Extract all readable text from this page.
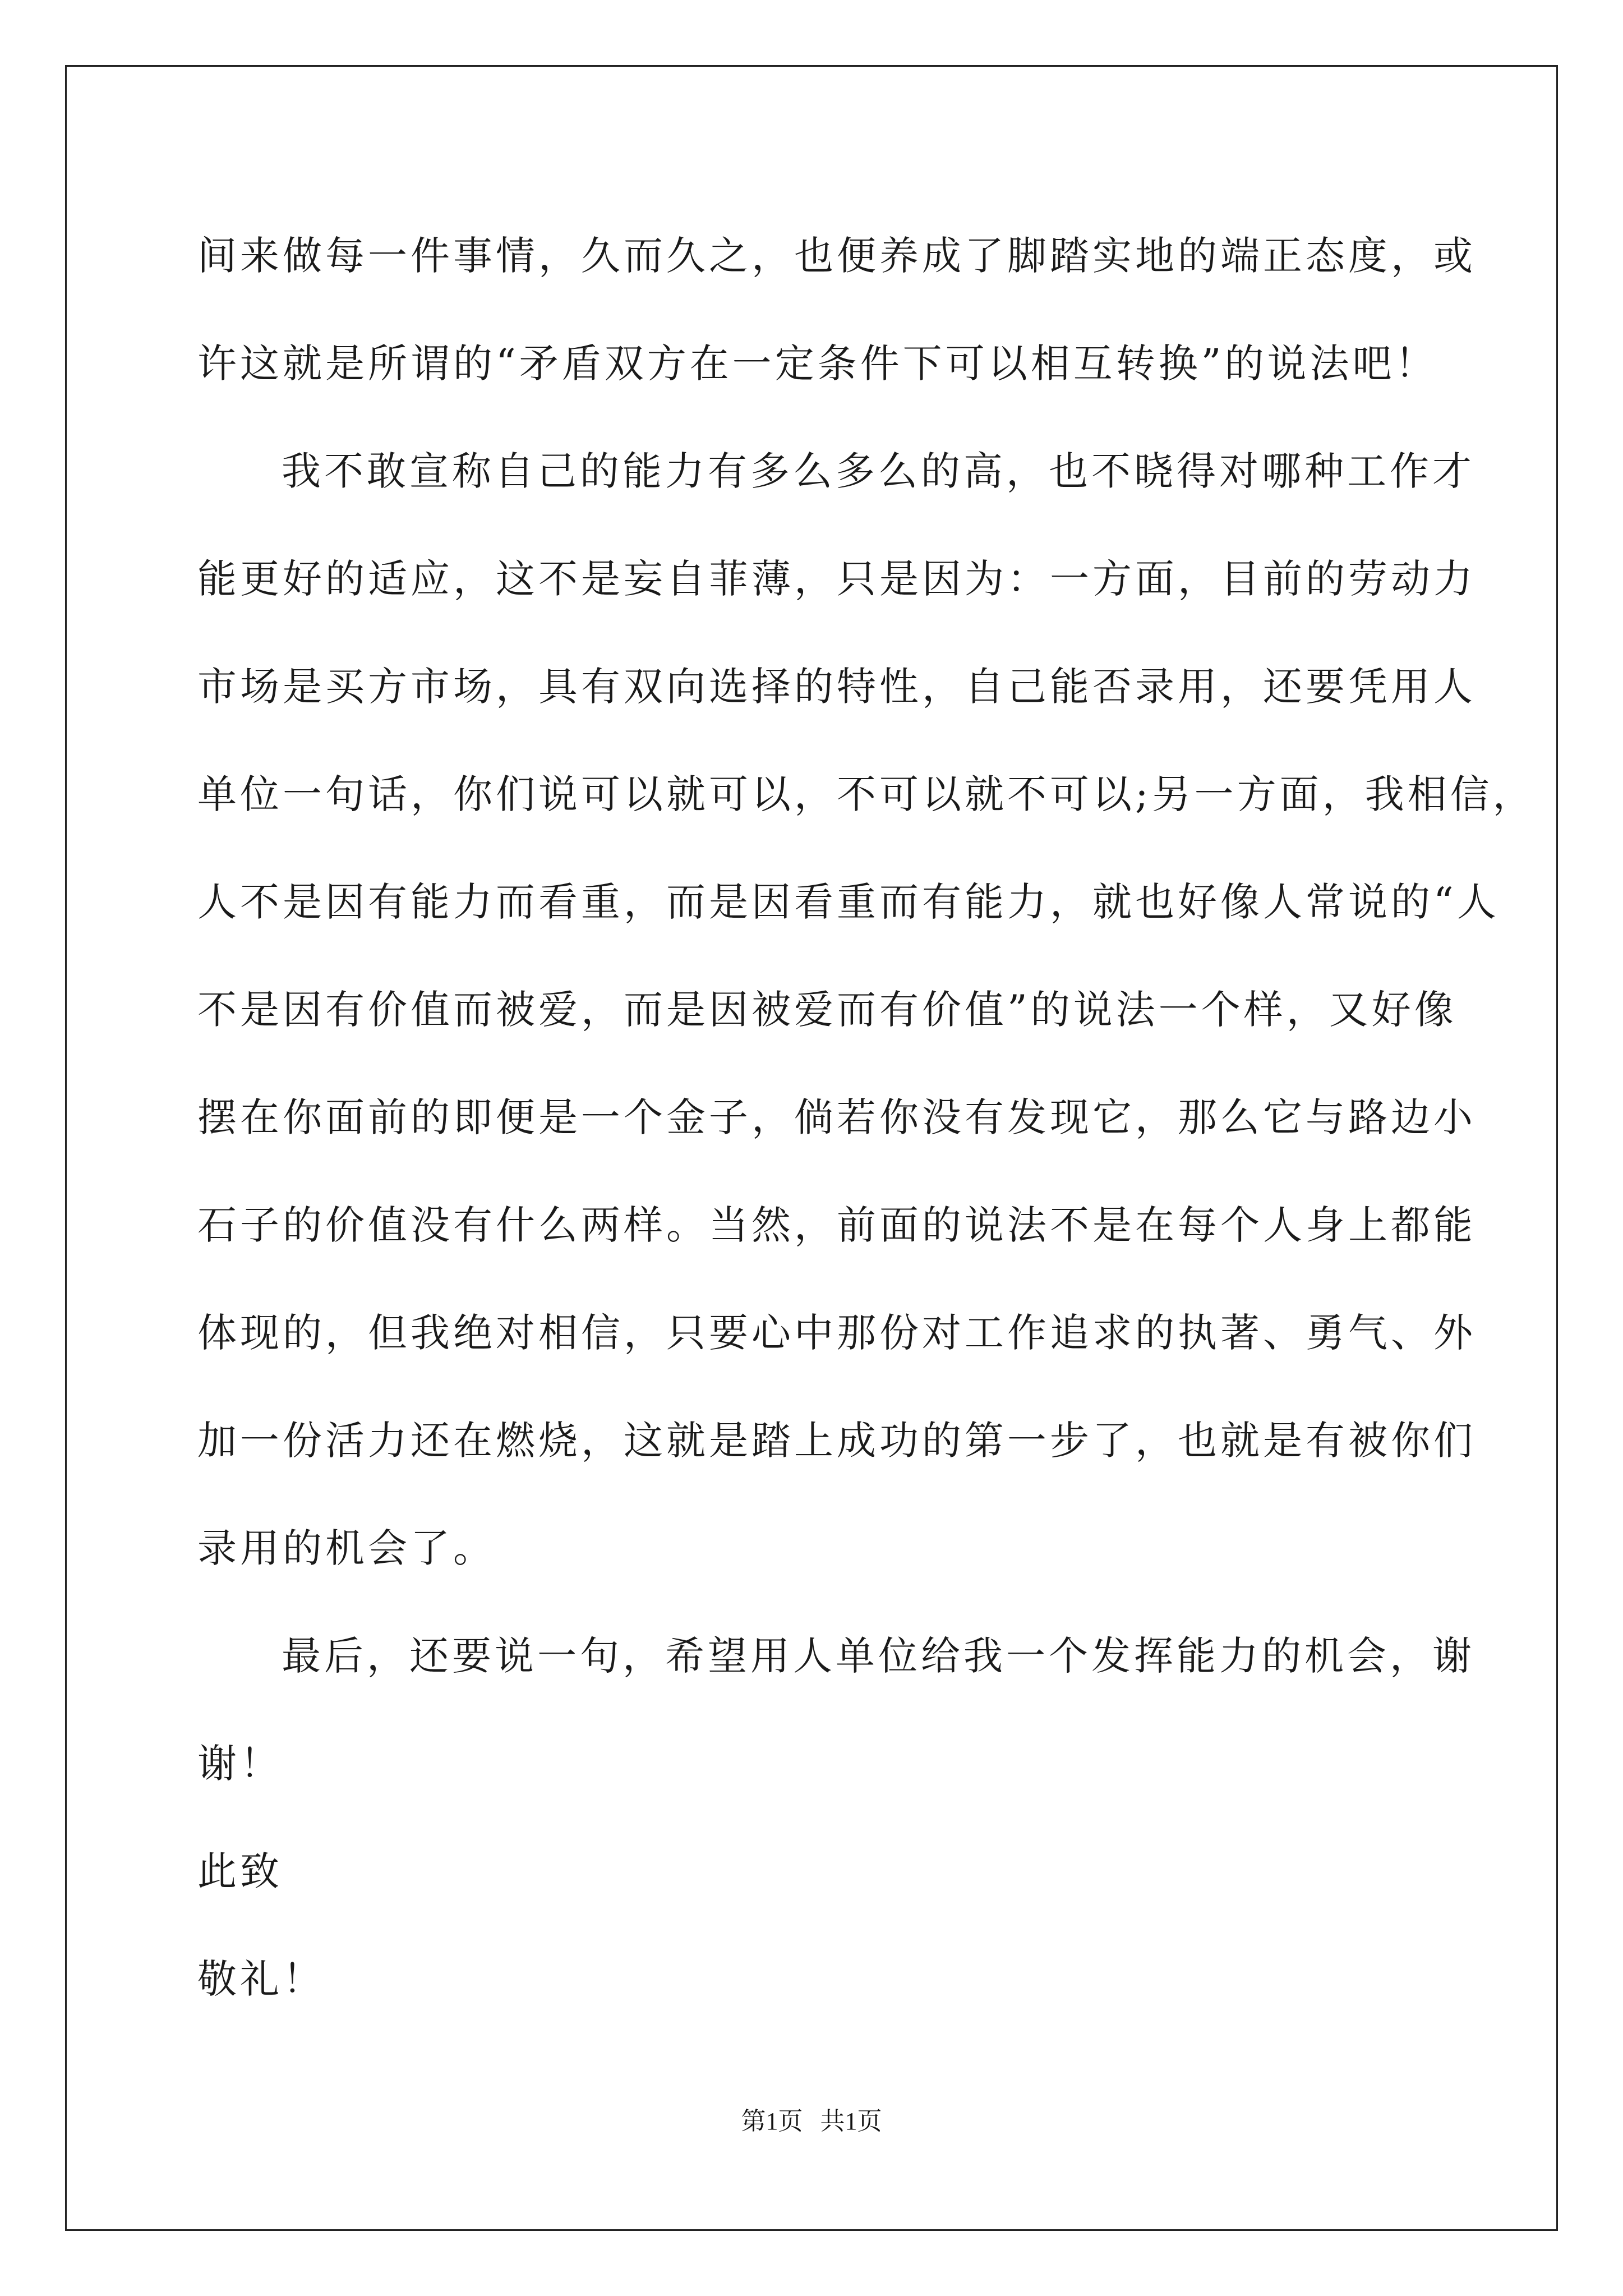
间来做每一件事情，久而久之，也便养成了脚踏实地的端正态度，或
许这就是所谓的“矛盾双方在一定条件下可以相互转换”的说法吧！
我不敢宣称自己的能力有多么多么的高，也不晓得对哪种工作才
能更好的适应，这不是妄自菲薄，只是因为：一方面，目前的劳动力
市场是买方市场，具有双向选择的特性，自己能否录用，还要凭用人
单位一句话，你们说可以就可以，不可以就不可以;另一方面，我相信，
人不是因有能力而看重，而是因看重而有能力，就也好像人常说的“人
不是因有价值而被爱，而是因被爱而有价值”的说法一个样，又好像
摆在你面前的即便是一个金子，倘若你没有发现它，那么它与路边小
石子的价值没有什么两样。当然，前面的说法不是在每个人身上都能
体现的，但我绝对相信，只要心中那份对工作追求的执著、勇气、外
加一份活力还在燃烧，这就是踏上成功的第一步了，也就是有被你们
录用的机会了。
最后，还要说一句，希望用人单位给我一个发挥能力的机会，谢
谢！
此致
敬礼！
第1页 共1页
